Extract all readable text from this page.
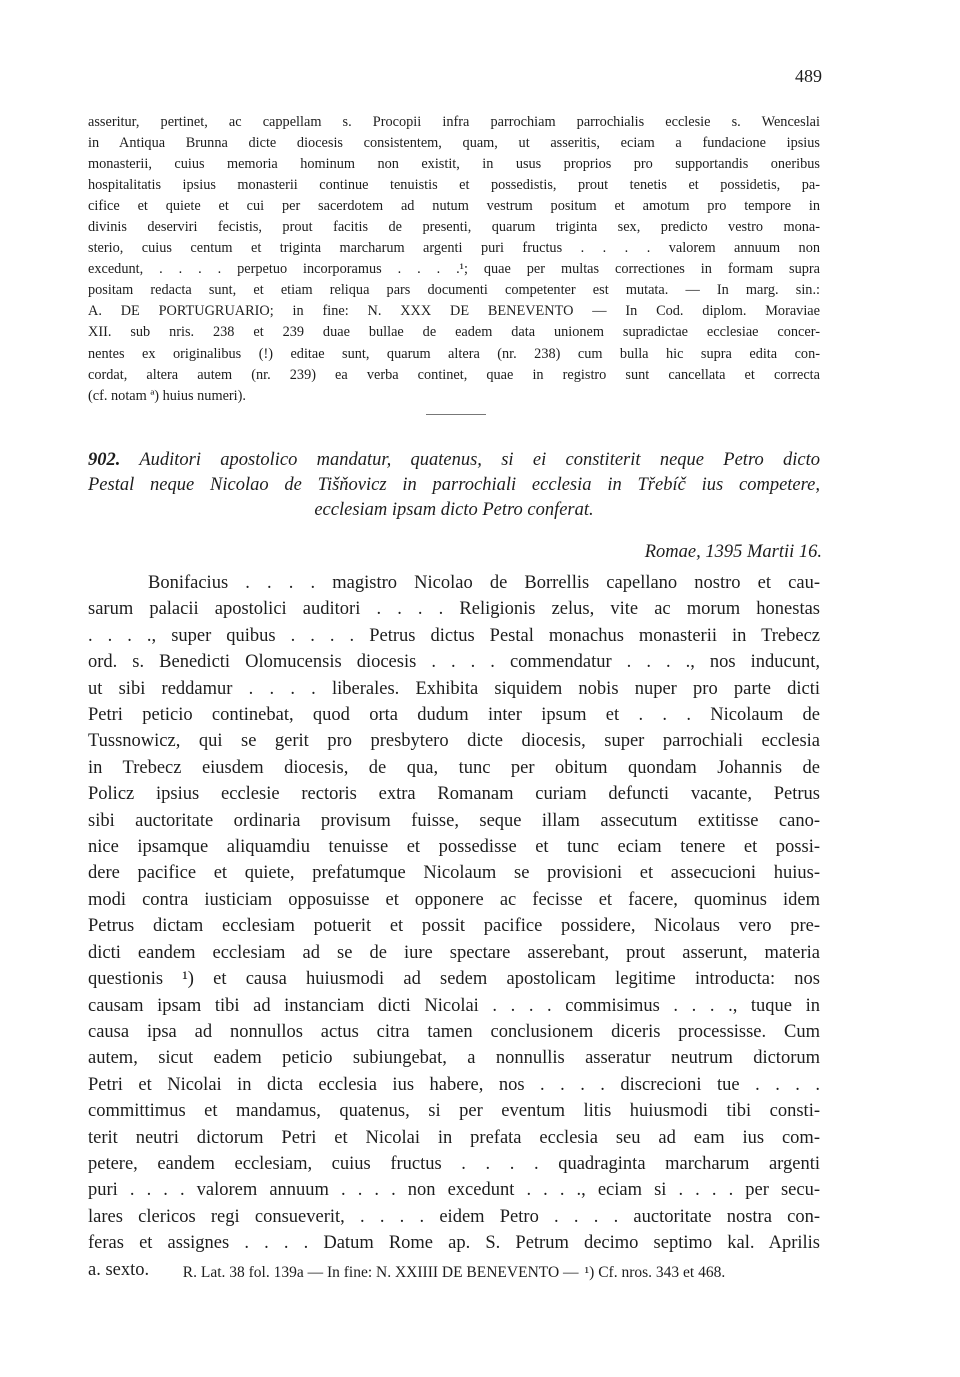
489
asseritur, pertinet, ac cappellam s. Procopii infra parrochiam parrochialis ecclesie s. Wenceslai
in Antiqua Brunna dicte diocesis consistentem, quam, ut asseritis, eciam a fundacione ipsius
monasterii, cuius memoria hominum non existit, in usus proprios pro supportandis oneribus
hospitalitatis ipsius monasterii continue tenuistis et possedistis, prout tenetis et possidetis, pa-
cifice et quiete et cui per sacerdotem ad nutum vestrum positum et amotum pro tempore in
divinis deserviri fecistis, prout facitis de presenti, quarum triginta sex, predicto vestro mona-
sterio, cuius centum et triginta marcharum argenti puri fructus . . . . valorem annuum non
excedunt, . . . . perpetuo incorporamus . . . .¹; quae per multas correctiones in formam supra
positam redacta sunt, et etiam reliqua pars documenti competenter est mutata. — In marg. sin.:
A. DE PORTUGRUARIO; in fine: N. XXX DE BENEVENTO — In Cod. diplom. Moraviae
XII. sub nris. 238 et 239 duae bullae de eadem data unionem supradictae ecclesiae concer-
nentes ex originalibus (!) editae sunt, quarum altera (nr. 238) cum bulla hic supra edita con-
cordat, altera autem (nr. 239) ea verba continet, quae in registro sunt cancellata et correcta
(cf. notam ª) huius numeri).
902. Auditori apostolico mandatur, quatenus, si ei constiterit neque Petro dicto
Pestal neque Nicolao de Tišňovicz in parrochiali ecclesia in Třebíč ius competere,
ecclesiam ipsam dicto Petro conferat.
Romae, 1395 Martii 16.
Bonifacius . . . . magistro Nicolao de Borrellis capellano nostro et cau-
sarum palacii apostolici auditori . . . . Religionis zelus, vite ac morum honestas
. . . ., super quibus . . . . Petrus dictus Pestal monachus monasterii in Trebecz
ord. s. Benedicti Olomucensis diocesis . . . . commendatur . . . ., nos inducunt,
ut sibi reddamur . . . . liberales. Exhibita siquidem nobis nuper pro parte dicti
Petri peticio continebat, quod orta dudum inter ipsum et . . . Nicolaum de
Tussnowicz, qui se gerit pro presbytero dicte diocesis, super parrochiali ecclesia
in Trebecz eiusdem diocesis, de qua, tunc per obitum quondam Johannis de
Policz ipsius ecclesie rectoris extra Romanam curiam defuncti vacante, Petrus
sibi auctoritate ordinaria provisum fuisse, seque illam assecutum extitisse cano-
nice ipsamque aliquamdiu tenuisse et possedisse et tunc eciam tenere et possi-
dere pacifice et quiete, prefatumque Nicolaum se provisioni et assecucioni huius-
modi contra iusticiam opposuisse et opponere ac fecisse et facere, quominus idem
Petrus dictam ecclesiam potuerit et possit pacifice possidere, Nicolaus vero pre-
dicti eandem ecclesiam ad se de iure spectare asserebant, prout asserunt, materia
questionis ¹) et causa huiusmodi ad sedem apostolicam legitime introducta: nos
causam ipsam tibi ad instanciam dicti Nicolai . . . . commisimus . . . ., tuque in
causa ipsa ad nonnullos actus citra tamen conclusionem diceris processisse. Cum
autem, sicut eadem peticio subiungebat, a nonnullis asseratur neutrum dictorum
Petri et Nicolai in dicta ecclesia ius habere, nos . . . . discrecioni tue . . . .
committimus et mandamus, quatenus, si per eventum litis huiusmodi tibi consti-
terit neutri dictorum Petri et Nicolai in prefata ecclesia seu ad eam ius com-
petere, eandem ecclesiam, cuius fructus . . . . quadraginta marcharum argenti
puri . . . . valorem annuum . . . . non excedunt . . . ., eciam si . . . . per secu-
lares clericos regi consueverit, . . . . eidem Petro . . . . auctoritate nostra con-
feras et assignes . . . . Datum Rome ap. S. Petrum decimo septimo kal. Aprilis
a. sexto.	R. Lat. 38 fol. 139a — In fine: N. XXIIII DE BENEVENTO — ¹) Cf. nros. 343 et 468.
